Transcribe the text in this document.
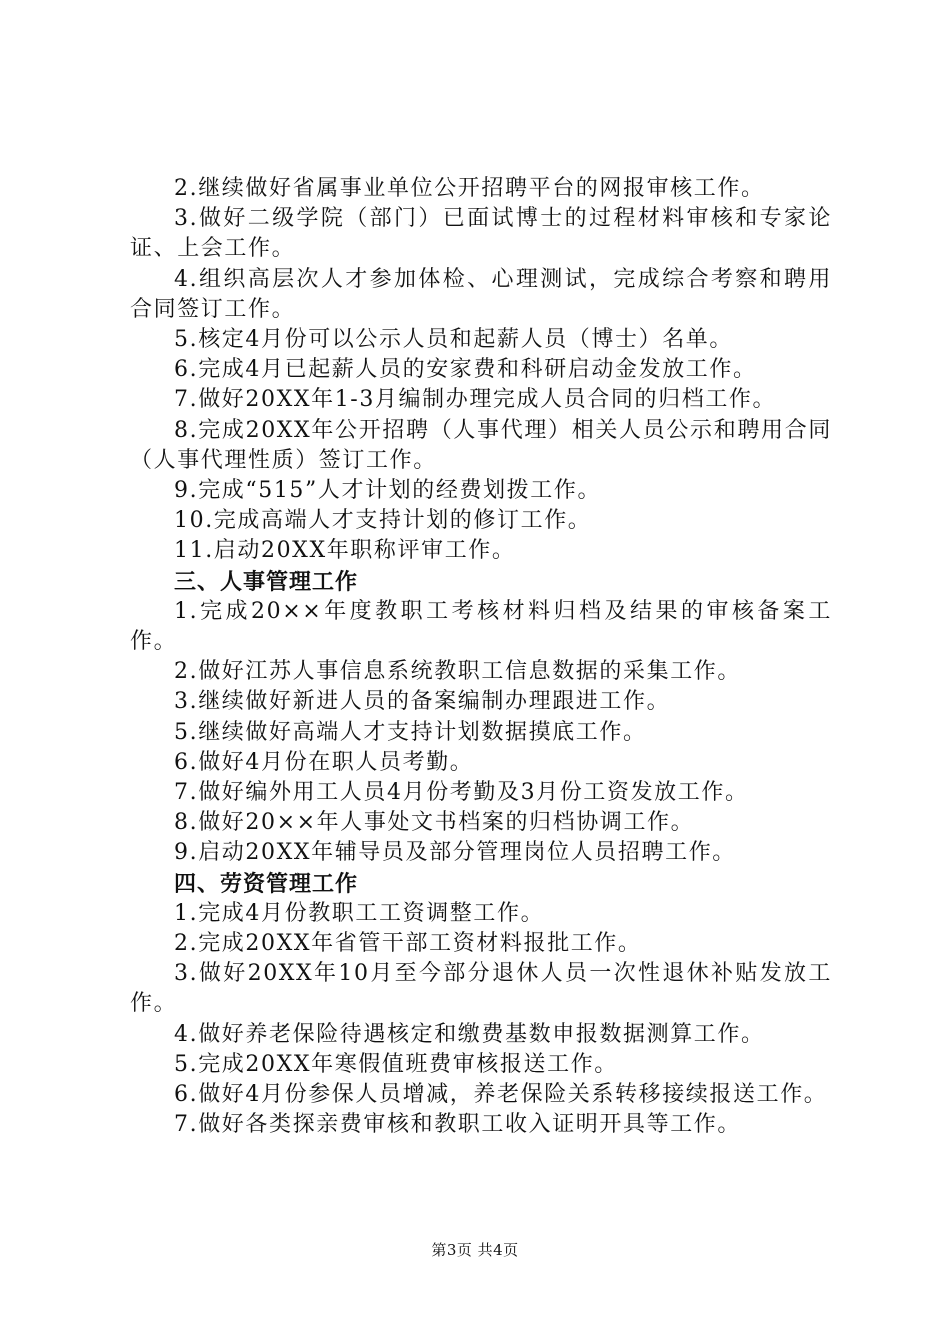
2.继续做好省属事业单位公开招聘平台的网报审核工作。

3.做好二级学院（部门）已面试博士的过程材料审核和专家论证、上会工作。

4.组织高层次人才参加体检、心理测试，完成综合考察和聘用合同签订工作。

5.核定4月份可以公示人员和起薪人员（博士）名单。

6.完成4月已起薪人员的安家费和科研启动金发放工作。

7.做好20XX年1-3月编制办理完成人员合同的归档工作。

8.完成20XX年公开招聘（人事代理）相关人员公示和聘用合同（人事代理性质）签订工作。

9.完成“515”人才计划的经费划拨工作。

10.完成高端人才支持计划的修订工作。

11.启动20XX年职称评审工作。

三、人事管理工作

1.完成20××年度教职工考核材料归档及结果的审核备案工作。

2.做好江苏人事信息系统教职工信息数据的采集工作。

3.继续做好新进人员的备案编制办理跟进工作。

5.继续做好高端人才支持计划数据摸底工作。

6.做好4月份在职人员考勤。

7.做好编外用工人员4月份考勤及3月份工资发放工作。

8.做好20××年人事处文书档案的归档协调工作。

9.启动20XX年辅导员及部分管理岗位人员招聘工作。

四、劳资管理工作

1.完成4月份教职工工资调整工作。

2.完成20XX年省管干部工资材料报批工作。

3.做好20XX年10月至今部分退休人员一次性退休补贴发放工作。

4.做好养老保险待遇核定和缴费基数申报数据测算工作。

5.完成20XX年寒假值班费审核报送工作。

6.做好4月份参保人员增减，养老保险关系转移接续报送工作。

7.做好各类探亲费审核和教职工收入证明开具等工作。

第3页 共4页
